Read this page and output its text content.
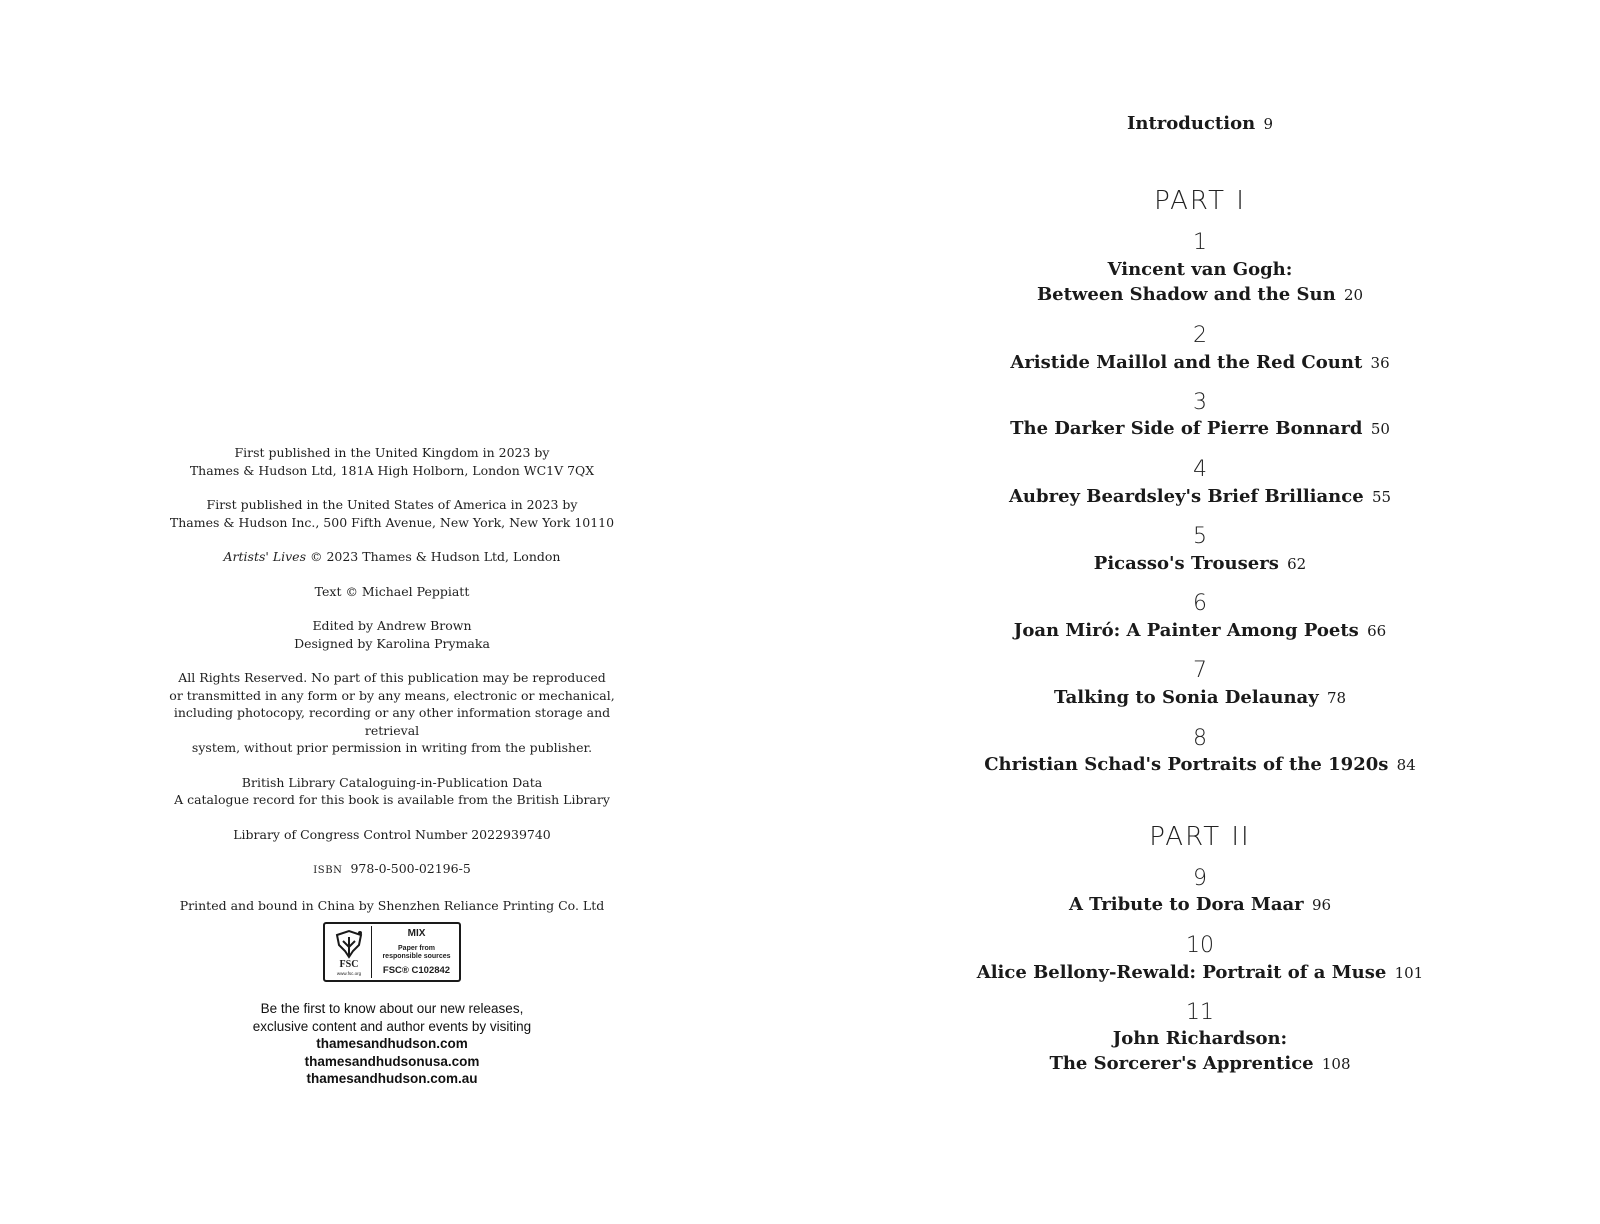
First published in the United Kingdom in 2023 by
Thames & Hudson Ltd, 181A High Holborn, London WC1V 7QX

First published in the United States of America in 2023 by
Thames & Hudson Inc., 500 Fifth Avenue, New York, New York 10110

Artists' Lives © 2023 Thames & Hudson Ltd, London

Text © Michael Peppiatt

Edited by Andrew Brown
Designed by Karolina Prymaka

All Rights Reserved. No part of this publication may be reproduced
or transmitted in any form or by any means, electronic or mechanical,
including photocopy, recording or any other information storage and retrieval
system, without prior permission in writing from the publisher.

British Library Cataloguing-in-Publication Data
A catalogue record for this book is available from the British Library

Library of Congress Control Number 2022939740

ISBN 978-0-500-02196-5

Printed and bound in China by Shenzhen Reliance Printing Co. Ltd

FSC
www.fsc.org
MIX
Paper from
responsible sources
FSC® C102842

Be the first to know about our new releases,
exclusive content and author events by visiting
thamesandhudson.com
thamesandhudsonusa.com
thamesandhudson.com.au

Introduction 9
PART I
1
Vincent van Gogh:
Between Shadow and the Sun 20
2
Aristide Maillol and the Red Count 36
3
The Darker Side of Pierre Bonnard 50
4
Aubrey Beardsley's Brief Brilliance 55
5
Picasso's Trousers 62
6
Joan Miró: A Painter Among Poets 66
7
Talking to Sonia Delaunay 78
8
Christian Schad's Portraits of the 1920s 84
PART II
9
A Tribute to Dora Maar 96
10
Alice Bellony-Rewald: Portrait of a Muse 101
11
John Richardson:
The Sorcerer's Apprentice 108
